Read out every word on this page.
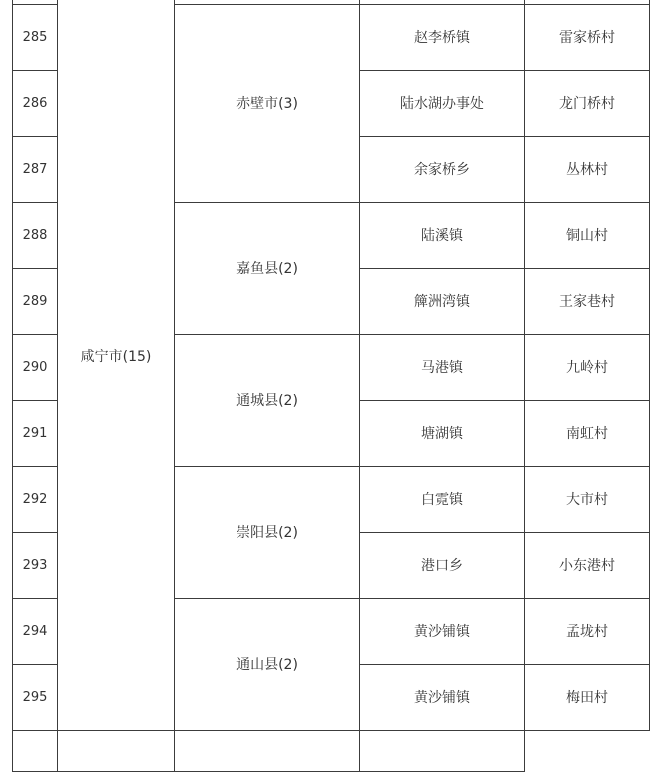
	咸宁市(15)			
285		赤壁市(3)	赵李桥镇	雷家桥村
286			陆水湖办事处	龙门桥村
287			余家桥乡	丛林村
288		嘉鱼县(2)	陆溪镇	铜山村
289			簰洲湾镇	王家巷村
290		通城县(2)	马港镇	九岭村
291			塘湖镇	南虹村
292		崇阳县(2)	白霓镇	大市村
293			港口乡	小东港村
294		通山县(2)	黄沙铺镇	孟垅村
295			黄沙铺镇	梅田村
